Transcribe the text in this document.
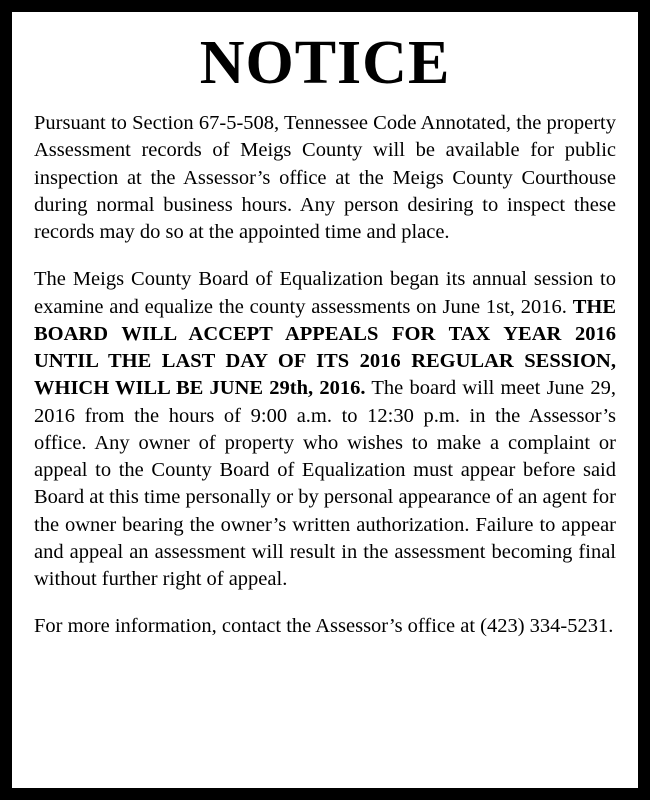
NOTICE

Pursuant to Section 67-5-508, Tennessee Code Annotated, the property Assessment records of Meigs County will be available for public inspection at the Assessor’s office at the Meigs County Courthouse during normal business hours. Any person desiring to inspect these records may do so at the appointed time and place.

The Meigs County Board of Equalization began its annual session to examine and equalize the county assessments on June 1st, 2016. THE BOARD WILL ACCEPT APPEALS FOR TAX YEAR 2016 UNTIL THE LAST DAY OF ITS 2016 REGULAR SESSION, WHICH WILL BE JUNE 29th, 2016. The board will meet June 29, 2016 from the hours of 9:00 a.m. to 12:30 p.m. in the Assessor’s office. Any owner of property who wishes to make a complaint or appeal to the County Board of Equalization must appear before said Board at this time personally or by personal appearance of an agent for the owner bearing the owner’s written authorization. Failure to appear and appeal an assessment will result in the assessment becoming final without further right of appeal.

For more information, contact the Assessor’s office at (423) 334-5231.
